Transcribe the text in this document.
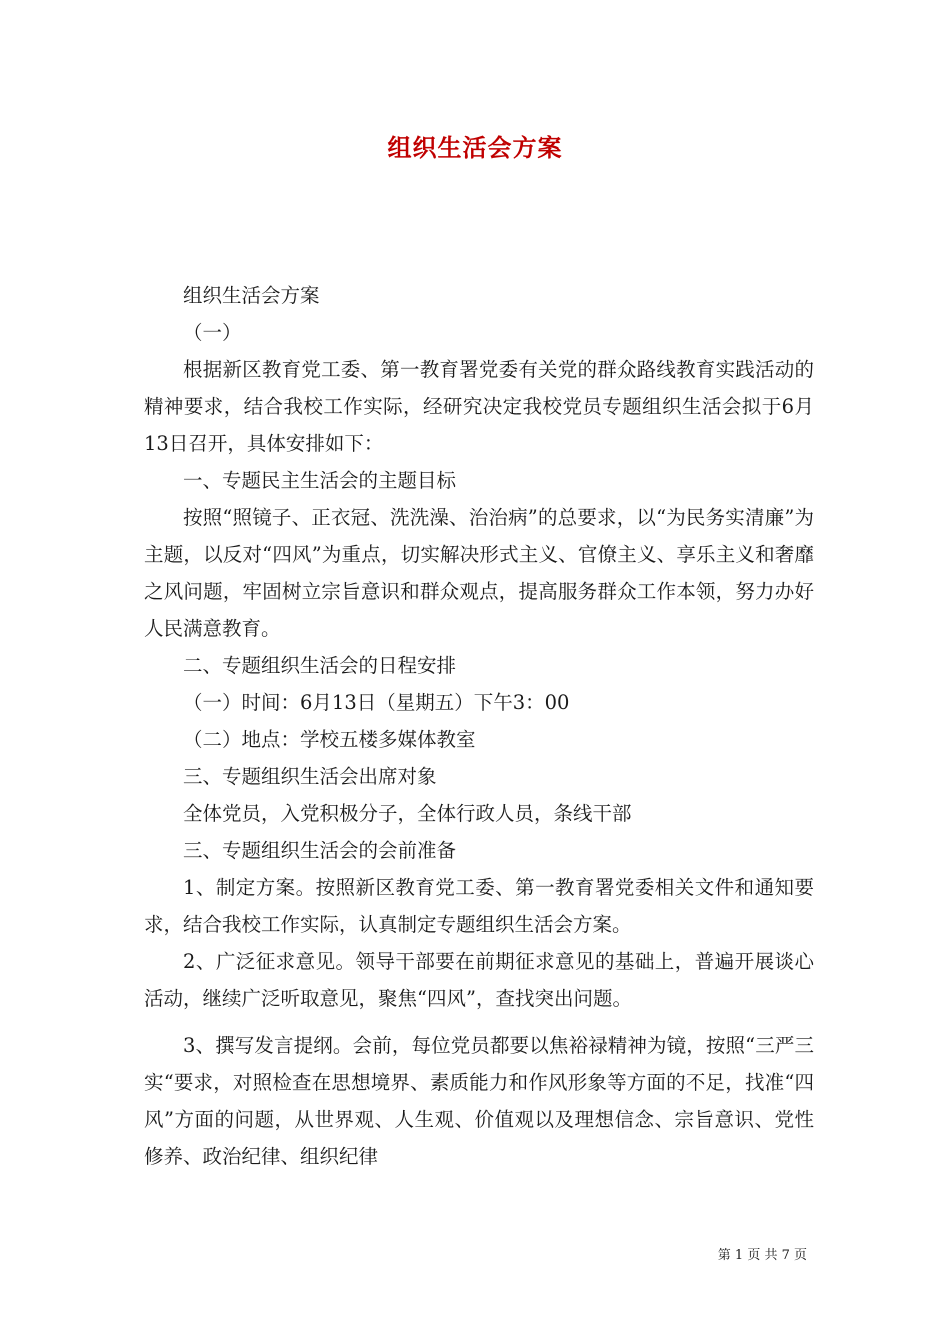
组织生活会方案

组织生活会方案

（一）

根据新区教育党工委、第一教育署党委有关党的群众路线教育实践活动的精神要求，结合我校工作实际，经研究决定我校党员专题组织生活会拟于6月13日召开，具体安排如下：

一、专题民主生活会的主题目标

按照“照镜子、正衣冠、洗洗澡、治治病”的总要求，以“为民务实清廉”为主题，以反对“四风”为重点，切实解决形式主义、官僚主义、享乐主义和奢靡之风问题，牢固树立宗旨意识和群众观点，提高服务群众工作本领，努力办好人民满意教育。

二、专题组织生活会的日程安排

（一）时间：6月13日（星期五）下午3：00

（二）地点：学校五楼多媒体教室

三、专题组织生活会出席对象

全体党员，入党积极分子，全体行政人员，条线干部

三、专题组织生活会的会前准备

1、制定方案。按照新区教育党工委、第一教育署党委相关文件和通知要求，结合我校工作实际，认真制定专题组织生活会方案。

2、广泛征求意见。领导干部要在前期征求意见的基础上，普遍开展谈心活动，继续广泛听取意见，聚焦“四风”，查找突出问题。

3、撰写发言提纲。会前，每位党员都要以焦裕禄精神为镜，按照“三严三实“要求，对照检查在思想境界、素质能力和作风形象等方面的不足，找准“四风”方面的问题，从世界观、人生观、价值观以及理想信念、宗旨意识、党性修养、政治纪律、组织纪律

第 1 页 共 7 页
